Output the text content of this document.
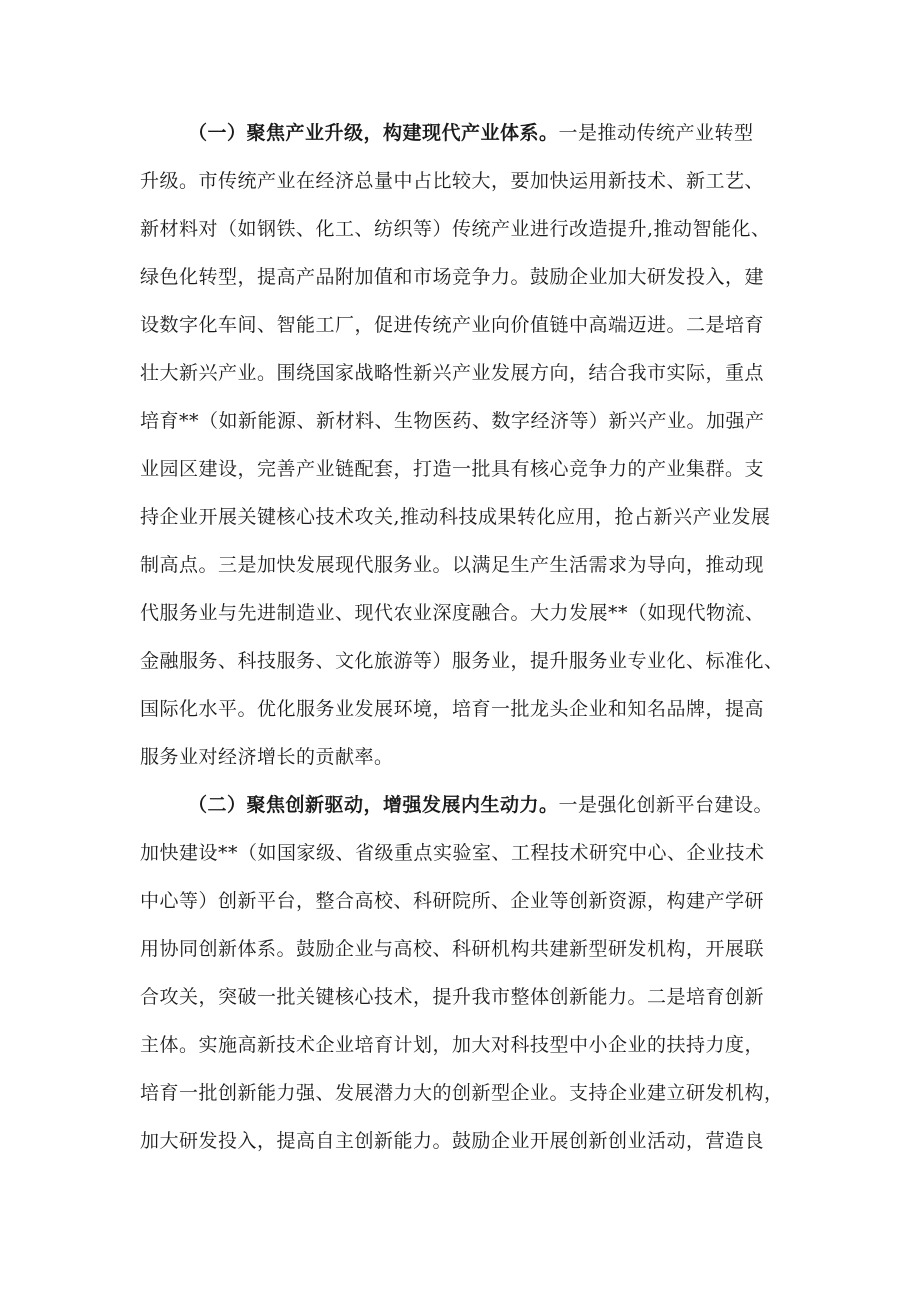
（一）聚焦产业升级，构建现代产业体系。一是推动传统产业转型
升级。市传统产业在经济总量中占比较大，要加快运用新技术、新工艺、
新材料对（如钢铁、化工、纺织等）传统产业进行改造提升,推动智能化、
绿色化转型，提高产品附加值和市场竞争力。鼓励企业加大研发投入，建
设数字化车间、智能工厂，促进传统产业向价值链中高端迈进。二是培育
壮大新兴产业。围绕国家战略性新兴产业发展方向，结合我市实际，重点
培育**（如新能源、新材料、生物医药、数字经济等）新兴产业。加强产
业园区建设，完善产业链配套，打造一批具有核心竞争力的产业集群。支
持企业开展关键核心技术攻关,推动科技成果转化应用，抢占新兴产业发展
制高点。三是加快发展现代服务业。以满足生产生活需求为导向，推动现
代服务业与先进制造业、现代农业深度融合。大力发展**（如现代物流、
金融服务、科技服务、文化旅游等）服务业，提升服务业专业化、标准化、
国际化水平。优化服务业发展环境，培育一批龙头企业和知名品牌，提高
服务业对经济增长的贡献率。
（二）聚焦创新驱动，增强发展内生动力。一是强化创新平台建设。
加快建设**（如国家级、省级重点实验室、工程技术研究中心、企业技术
中心等）创新平台，整合高校、科研院所、企业等创新资源，构建产学研
用协同创新体系。鼓励企业与高校、科研机构共建新型研发机构，开展联
合攻关，突破一批关键核心技术，提升我市整体创新能力。二是培育创新
主体。实施高新技术企业培育计划，加大对科技型中小企业的扶持力度，
培育一批创新能力强、发展潜力大的创新型企业。支持企业建立研发机构，
加大研发投入，提高自主创新能力。鼓励企业开展创新创业活动，营造良
